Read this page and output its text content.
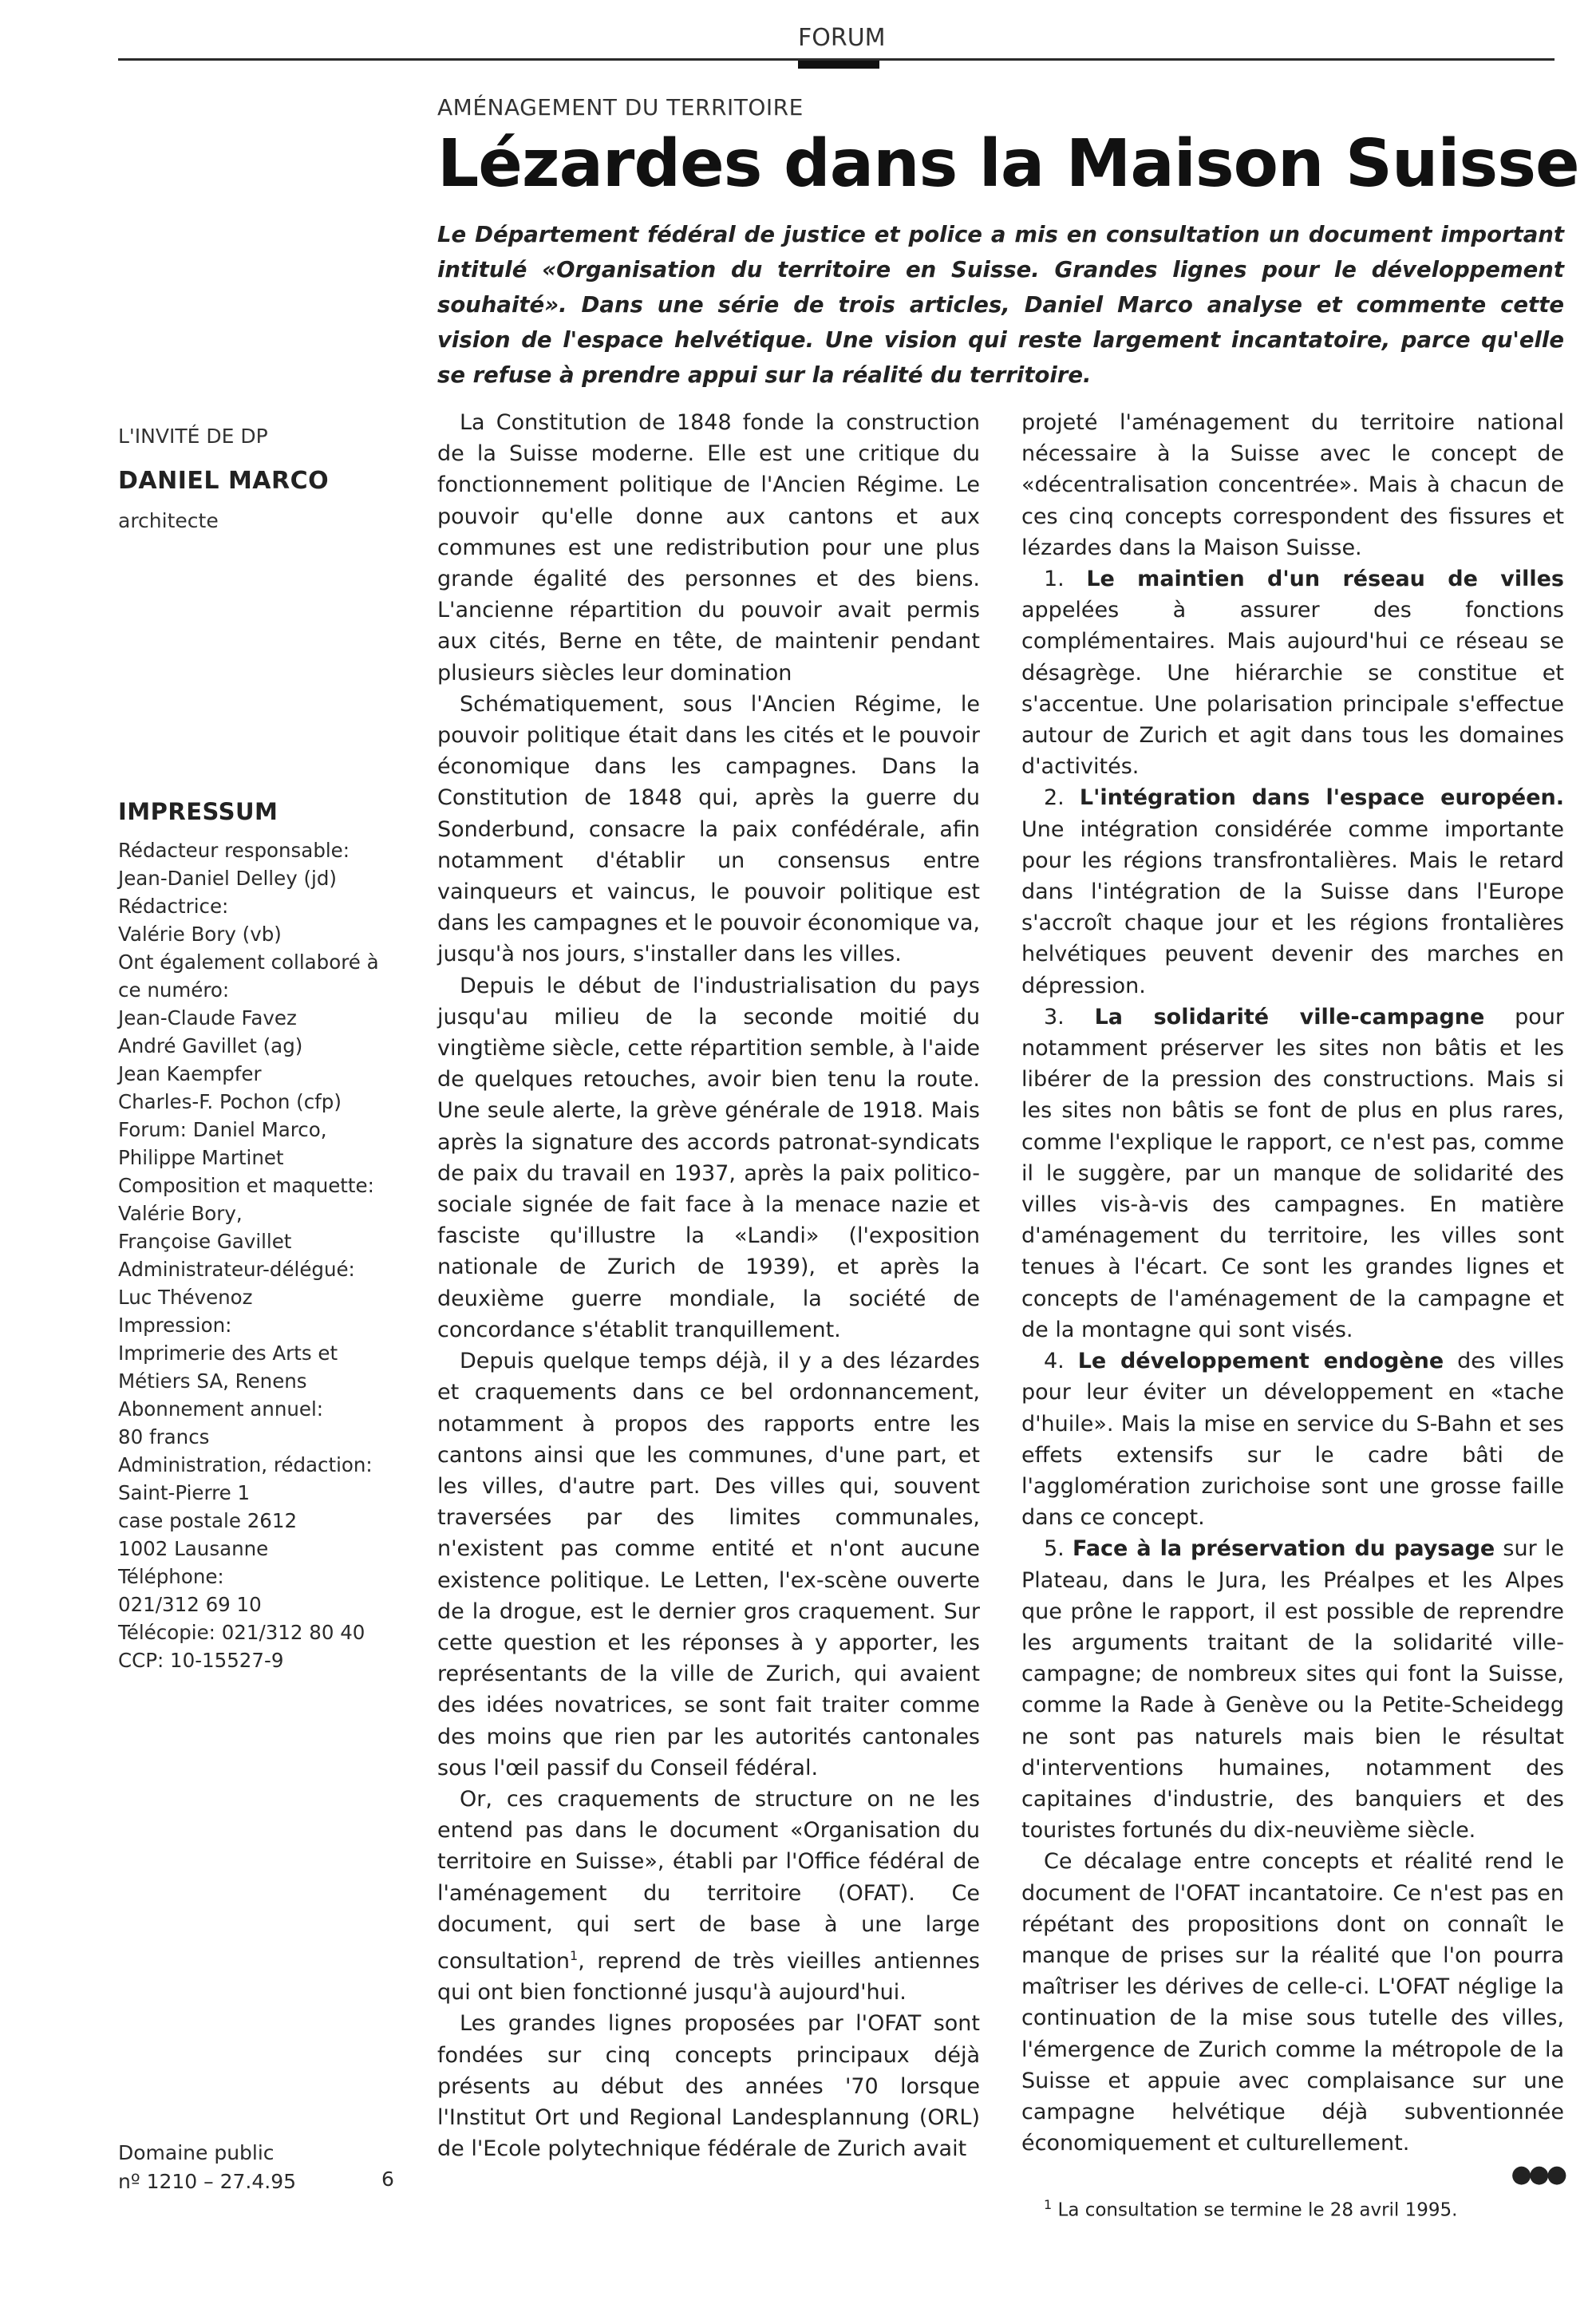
FORUM
AMÉNAGEMENT DU TERRITOIRE
Lézardes dans la Maison Suisse
Le Département fédéral de justice et police a mis en consultation un document important intitulé «Organisation du territoire en Suisse. Grandes lignes pour le développement souhaité». Dans une série de trois articles, Daniel Marco analyse et commente cette vision de l'espace helvétique. Une vision qui reste largement incantatoire, parce qu'elle se refuse à prendre appui sur la réalité du territoire.
L'INVITÉ DE DP
DANIEL MARCO
architecte
IMPRESSUM
Rédacteur responsable:
Jean-Daniel Delley (jd)
Rédactrice:
Valérie Bory (vb)
Ont également collaboré à
ce numéro:
Jean-Claude Favez
André Gavillet (ag)
Jean Kaempfer
Charles-F. Pochon (cfp)
Forum: Daniel Marco,
Philippe Martinet
Composition et maquette:
Valérie Bory,
Françoise Gavillet
Administrateur-délégué:
Luc Thévenoz
Impression:
Imprimerie des Arts et
Métiers SA, Renens
Abonnement annuel:
80 francs
Administration, rédaction:
Saint-Pierre 1
case postale 2612
1002 Lausanne
Téléphone:
021/312 69 10
Télécopie: 021/312 80 40
CCP: 10-15527-9
Domaine public
nº 1210 – 27.4.95	6

La Constitution de 1848 fonde la construction de la Suisse moderne. Elle est une critique du fonctionnement politique de l'Ancien Régime. Le pouvoir qu'elle donne aux cantons et aux communes est une redistribution pour une plus grande égalité des personnes et des biens. L'ancienne répartition du pouvoir avait permis aux cités, Berne en tête, de maintenir pendant plusieurs siècles leur domination

Schématiquement, sous l'Ancien Régime, le pouvoir politique était dans les cités et le pouvoir économique dans les campagnes. Dans la Constitution de 1848 qui, après la guerre du Sonderbund, consacre la paix confédérale, afin notamment d'établir un consensus entre vainqueurs et vaincus, le pouvoir politique est dans les campagnes et le pouvoir économique va, jusqu'à nos jours, s'installer dans les villes.

Depuis le début de l'industrialisation du pays jusqu'au milieu de la seconde moitié du vingtième siècle, cette répartition semble, à l'aide de quelques retouches, avoir bien tenu la route. Une seule alerte, la grève générale de 1918. Mais après la signature des accords patronat-syndicats de paix du travail en 1937, après la paix politico-sociale signée de fait face à la menace nazie et fasciste qu'illustre la «Landi» (l'exposition nationale de Zurich de 1939), et après la deuxième guerre mondiale, la société de concordance s'établit tranquillement.

Depuis quelque temps déjà, il y a des lézardes et craquements dans ce bel ordonnancement, notamment à propos des rapports entre les cantons ainsi que les communes, d'une part, et les villes, d'autre part. Des villes qui, souvent traversées par des limites communales, n'existent pas comme entité et n'ont aucune existence politique. Le Letten, l'ex-scène ouverte de la drogue, est le dernier gros craquement. Sur cette question et les réponses à y apporter, les représentants de la ville de Zurich, qui avaient des idées novatrices, se sont fait traiter comme des moins que rien par les autorités cantonales sous l'œil passif du Conseil fédéral.

Or, ces craquements de structure on ne les entend pas dans le document «Organisation du territoire en Suisse», établi par l'Office fédéral de l'aménagement du territoire (OFAT). Ce document, qui sert de base à une large consultation$^1$, reprend de très vieilles antiennes qui ont bien fonctionné jusqu'à aujourd'hui.

Les grandes lignes proposées par l'OFAT sont fondées sur cinq concepts principaux déjà présents au début des années '70 lorsque l'Institut Ort und Regional Landesplannung (ORL) de l'Ecole polytechnique fédérale de Zurich avait

projeté l'aménagement du territoire national nécessaire à la Suisse avec le concept de «décentralisation concentrée». Mais à chacun de ces cinq concepts correspondent des fissures et lézardes dans la Maison Suisse.

1. Le maintien d'un réseau de villes appelées à assurer des fonctions complémentaires. Mais aujourd'hui ce réseau se désagrège. Une hiérarchie se constitue et s'accentue. Une polarisation principale s'effectue autour de Zurich et agit dans tous les domaines d'activités.

2. L'intégration dans l'espace européen. Une intégration considérée comme importante pour les régions transfrontalières. Mais le retard dans l'intégration de la Suisse dans l'Europe s'accroît chaque jour et les régions frontalières helvétiques peuvent devenir des marches en dépression.

3. La solidarité ville-campagne pour notamment préserver les sites non bâtis et les libérer de la pression des constructions. Mais si les sites non bâtis se font de plus en plus rares, comme l'explique le rapport, ce n'est pas, comme il le suggère, par un manque de solidarité des villes vis-à-vis des campagnes. En matière d'aménagement du territoire, les villes sont tenues à l'écart. Ce sont les grandes lignes et concepts de l'aménagement de la campagne et de la montagne qui sont visés.

4. Le développement endogène des villes pour leur éviter un développement en «tache d'huile». Mais la mise en service du S-Bahn et ses effets extensifs sur le cadre bâti de l'agglomération zurichoise sont une grosse faille dans ce concept.

5. Face à la préservation du paysage sur le Plateau, dans le Jura, les Préalpes et les Alpes que prône le rapport, il est possible de reprendre les arguments traitant de la solidarité ville-campagne; de nombreux sites qui font la Suisse, comme la Rade à Genève ou la Petite-Scheidegg ne sont pas naturels mais bien le résultat d'interventions humaines, notamment des capitaines d'industrie, des banquiers et des touristes fortunés du dix-neuvième siècle.

Ce décalage entre concepts et réalité rend le document de l'OFAT incantatoire. Ce n'est pas en répétant des propositions dont on connaît le manque de prises sur la réalité que l'on pourra maîtriser les dérives de celle-ci. L'OFAT néglige la continuation de la mise sous tutelle des villes, l'émergence de Zurich comme la métropole de la Suisse et appuie avec complaisance sur une campagne helvétique déjà subventionnée économiquement et culturellement.

●●●

$^1$ La consultation se termine le 28 avril 1995.
